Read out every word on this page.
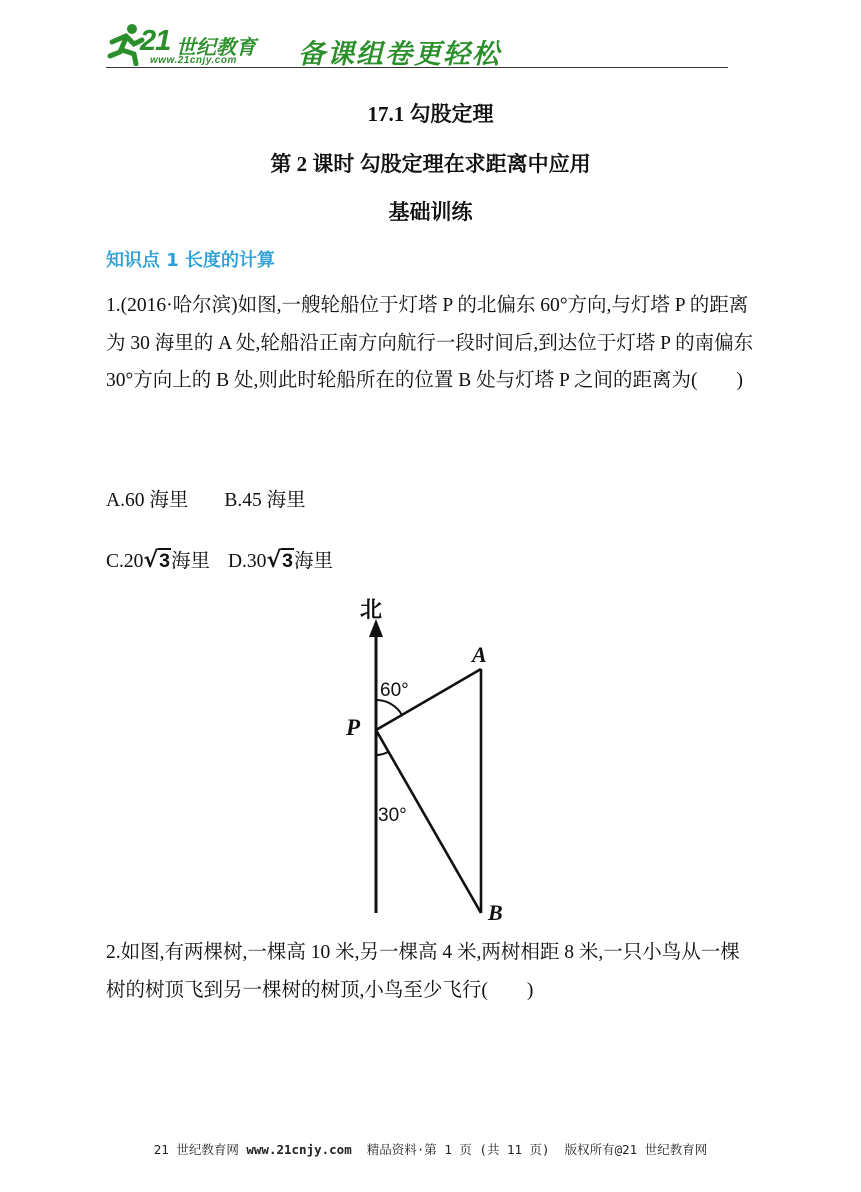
21 世纪教育
www.21cnjy.com 备课组卷更轻松
17.1 勾股定理
第 2 课时 勾股定理在求距离中应用
基础训练
知识点 1 长度的计算
1.(2016·哈尔滨)如图,一艘轮船位于灯塔 P 的北偏东 60°方向,与灯塔 P 的距离为 30 海里的 A 处,轮船沿正南方向航行一段时间后,到达位于灯塔 P 的南偏东 30°方向上的 B 处,则此时轮船所在的位置 B 处与灯塔 P 之间的距离为(　　)
A.60 海里 B.45 海里
C.20√3海里 D.30√3海里
北
60°
30°
P
A
B
2.如图,有两棵树,一棵高 10 米,另一棵高 4 米,两树相距 8 米,一只小鸟从一棵树的树顶飞到另一棵树的树顶,小鸟至少飞行(　　)
21 世纪教育网 www.21cnjy.com  精品资料·第 1 页 (共 11 页)  版权所有@21 世纪教育网
